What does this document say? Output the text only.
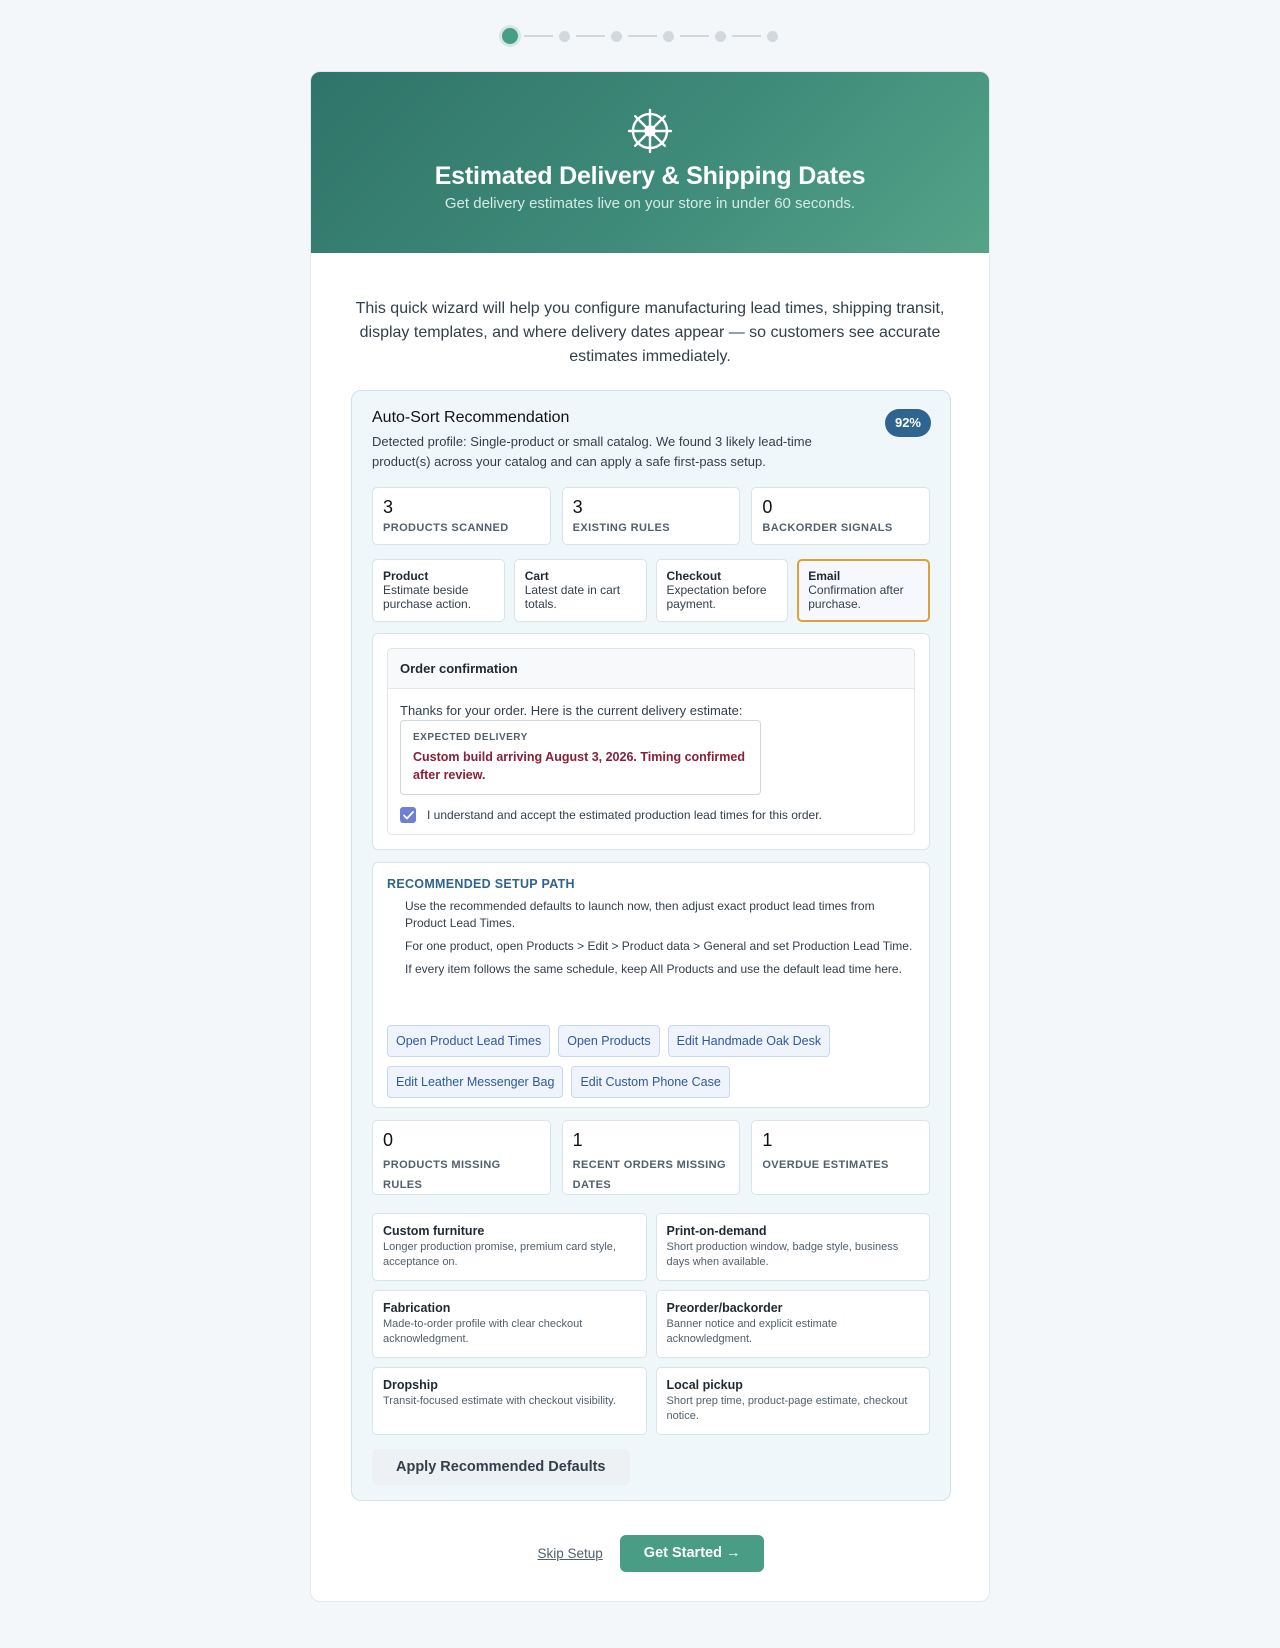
Estimated Delivery & Shipping Dates
Get delivery estimates live on your store in under 60 seconds.

This quick wizard will help you configure manufacturing lead times, shipping transit, display templates, and where delivery dates appear — so customers see accurate estimates immediately.

Auto-Sort Recommendation	92%

Detected profile: Single-product or small catalog. We found 3 likely lead-time product(s) across your catalog and can apply a safe first-pass setup.

3
PRODUCTS SCANNED
3
EXISTING RULES
0
BACKORDER SIGNALS
Product
Estimate beside purchase action.
Cart
Latest date in cart totals.
Checkout
Expectation before payment.
Email
Confirmation after purchase.
Order confirmation
Thanks for your order. Here is the current delivery estimate:
EXPECTED DELIVERY
Custom build arriving August 3, 2026. Timing confirmed after review.
I understand and accept the estimated production lead times for this order.
RECOMMENDED SETUP PATH
Use the recommended defaults to launch now, then adjust exact product lead times from Product Lead Times.
For one product, open Products > Edit > Product data > General and set Production Lead Time.
If every item follows the same schedule, keep All Products and use the default lead time here.
Open Product Lead Times	Open Products	Edit Handmade Oak Desk
Edit Leather Messenger Bag	Edit Custom Phone Case
0
PRODUCTS MISSING RULES
1
RECENT ORDERS MISSING DATES
1
OVERDUE ESTIMATES
Custom furniture
Longer production promise, premium card style, acceptance on.
Print-on-demand
Short production window, badge style, business days when available.
Fabrication
Made-to-order profile with clear checkout acknowledgment.
Preorder/backorder
Banner notice and explicit estimate acknowledgment.
Dropship
Transit-focused estimate with checkout visibility.
Local pickup
Short prep time, product-page estimate, checkout notice.
Apply Recommended Defaults
Skip Setup	Get Started →
